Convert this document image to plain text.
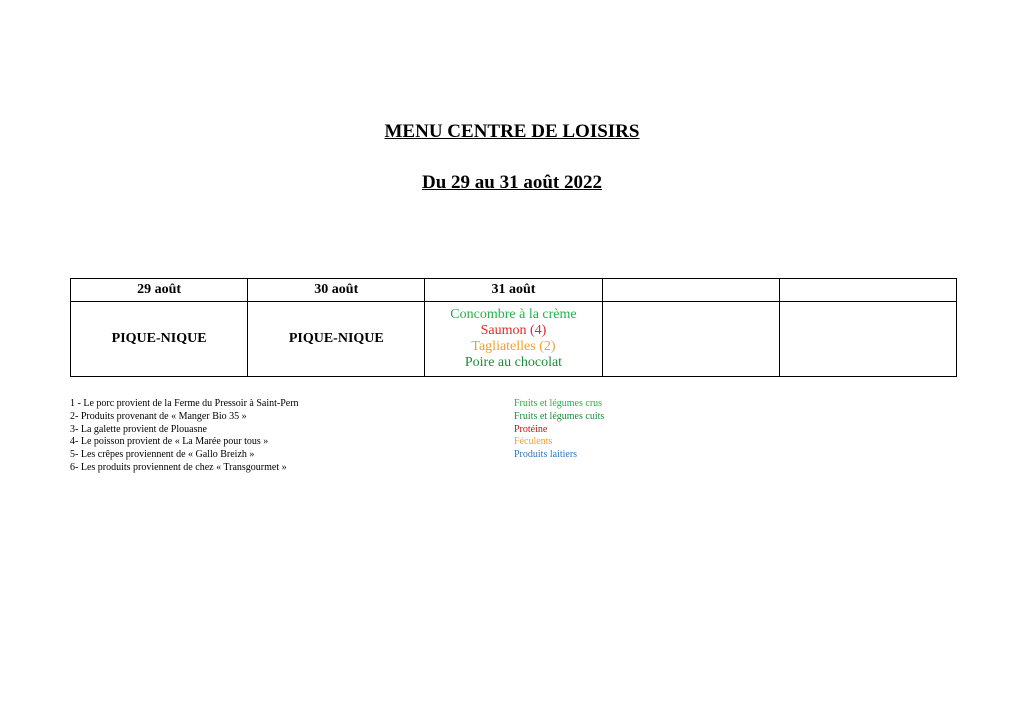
MENU CENTRE DE LOISIRS
Du 29 au 31 août 2022
29 août	30 août	31 août		
PIQUE-NIQUE	PIQUE-NIQUE	Concombre à la crème
Saumon (4)
Tagliatelles (2)
Poire au chocolat		

1 - Le porc provient de la Ferme du Pressoir à Saint-Pern
2- Produits provenant de « Manger Bio 35 »
3- La galette provient de Plouasne
4- Le poisson provient de « La Marée pour tous »
5- Les crêpes proviennent de « Gallo Breizh »
6- Les produits proviennent de chez « Transgourmet »
Fruits et légumes crus
Fruits et légumes cuits
Protéine
Féculents
Produits laitiers
